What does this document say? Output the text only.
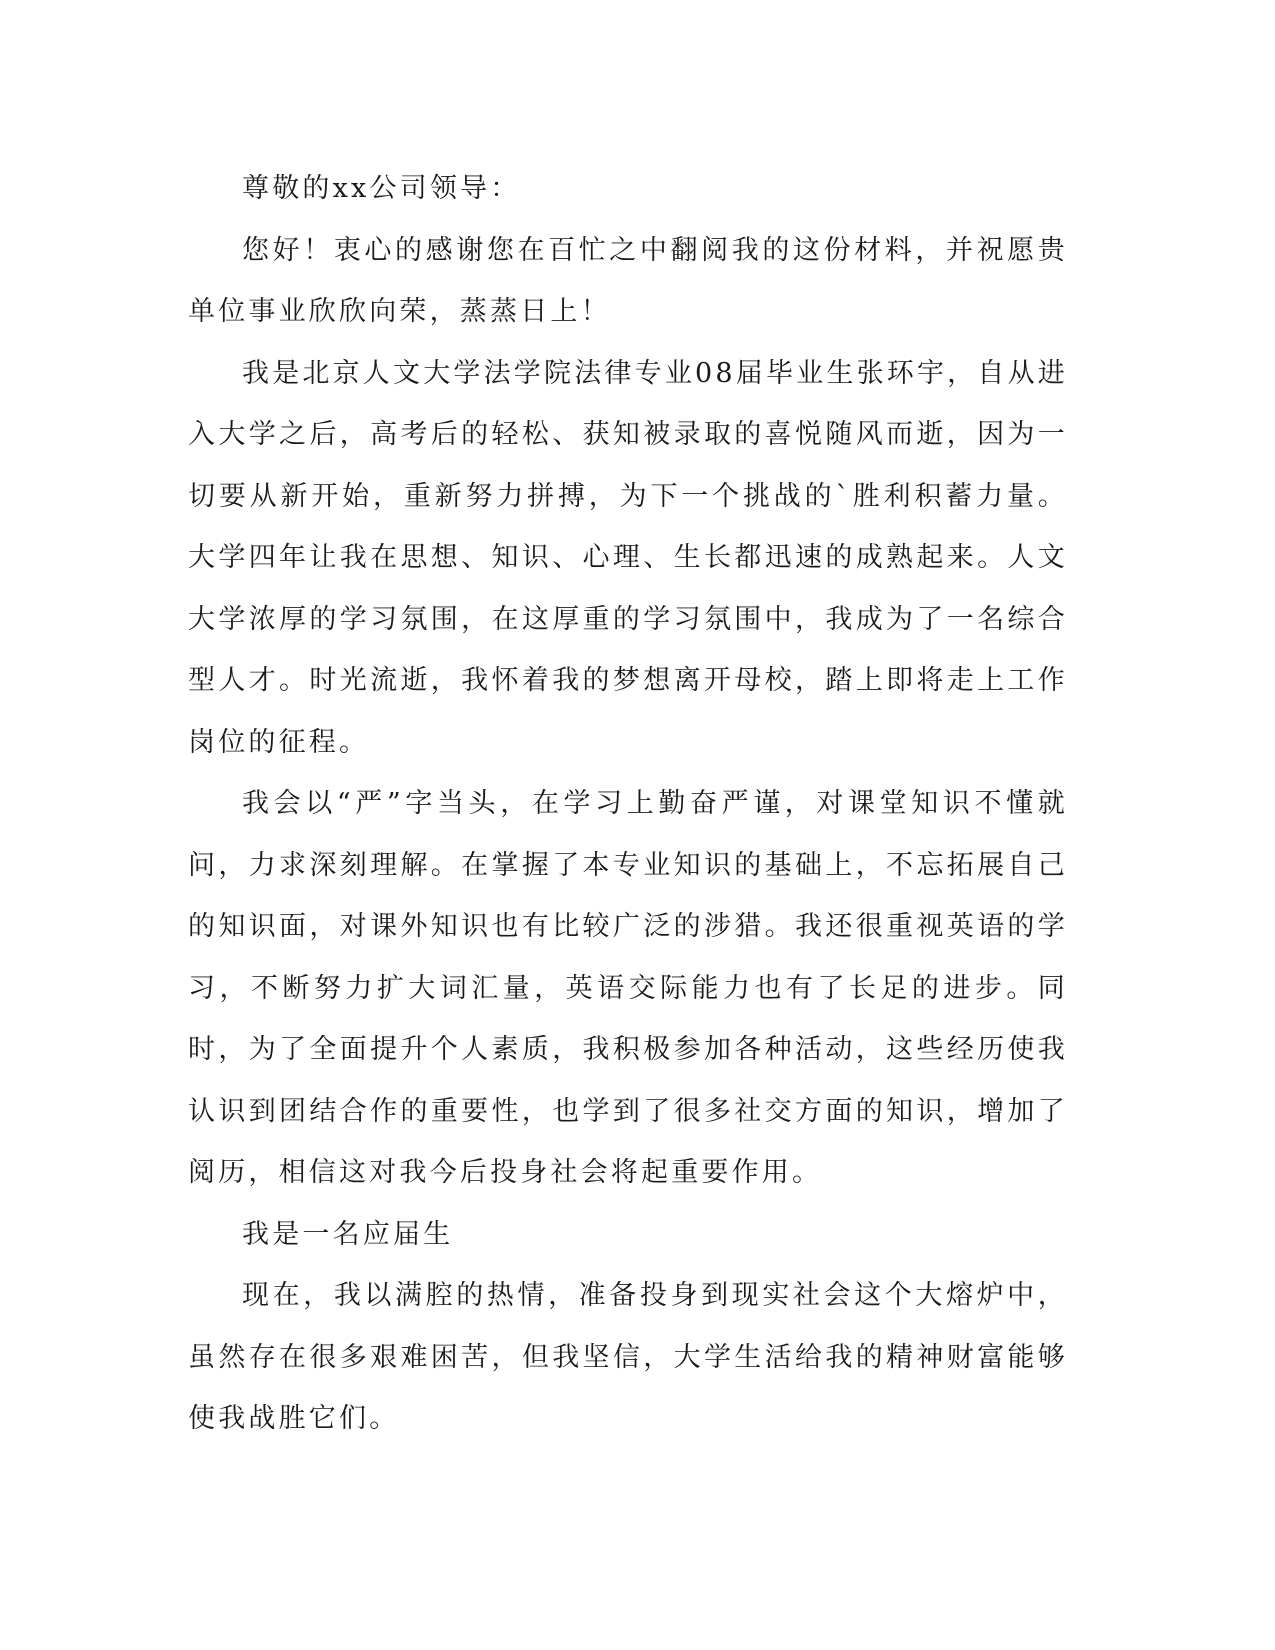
尊敬的xx公司领导：

您好！衷心的感谢您在百忙之中翻阅我的这份材料，并祝愿贵单位事业欣欣向荣，蒸蒸日上！

我是北京人文大学法学院法律专业08届毕业生张环宇，自从进入大学之后，高考后的轻松、获知被录取的喜悦随风而逝，因为一切要从新开始，重新努力拼搏，为下一个挑战的`胜利积蓄力量。大学四年让我在思想、知识、心理、生长都迅速的成熟起来。人文大学浓厚的学习氛围，在这厚重的学习氛围中，我成为了一名综合型人才。时光流逝，我怀着我的梦想离开母校，踏上即将走上工作岗位的征程。

我会以“严”字当头，在学习上勤奋严谨，对课堂知识不懂就问，力求深刻理解。在掌握了本专业知识的基础上，不忘拓展自己的知识面，对课外知识也有比较广泛的涉猎。我还很重视英语的学习，不断努力扩大词汇量，英语交际能力也有了长足的进步。同时，为了全面提升个人素质，我积极参加各种活动，这些经历使我认识到团结合作的重要性，也学到了很多社交方面的知识，增加了阅历，相信这对我今后投身社会将起重要作用。

我是一名应届生

现在，我以满腔的热情，准备投身到现实社会这个大熔炉中，虽然存在很多艰难困苦，但我坚信，大学生活给我的精神财富能够使我战胜它们。
